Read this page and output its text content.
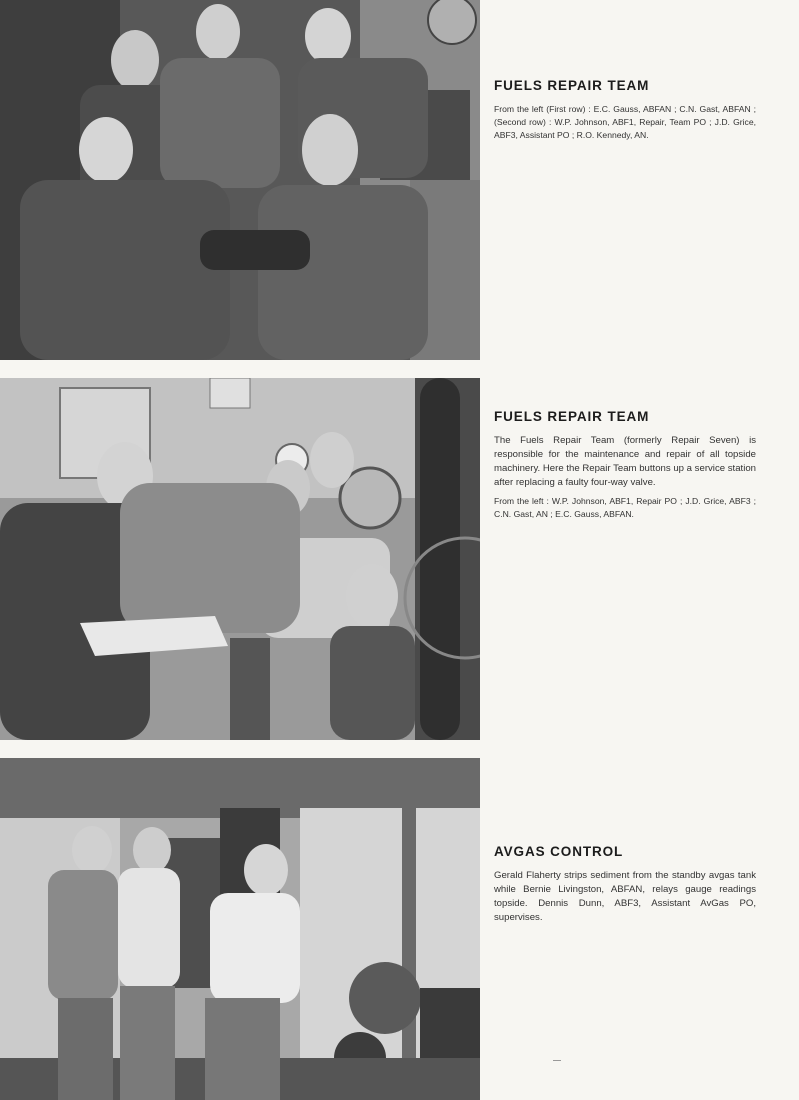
FUELS REPAIR TEAM
From the left (First row) : E.C. Gauss, ABFAN ; C.N. Gast, ABFAN ; (Second row) : W.P. Johnson, ABF1, Repair, Team PO ; J.D. Grice, ABF3, Assistant PO ; R.O. Kennedy, AN.
FUELS REPAIR TEAM
The Fuels Repair Team (formerly Repair Seven) is responsible for the maintenance and repair of all topside machinery. Here the Repair Team buttons up a service station after replacing a faulty four-way valve.
From the left : W.P. Johnson, ABF1, Repair PO ; J.D. Grice, ABF3 ; C.N. Gast, AN ; E.C. Gauss, ABFAN.
AVGAS CONTROL
Gerald Flaherty strips sediment from the standby avgas tank while Bernie Livingston, ABFAN, relays gauge readings topside. Dennis Dunn, ABF3, Assistant AvGas PO, supervises.
